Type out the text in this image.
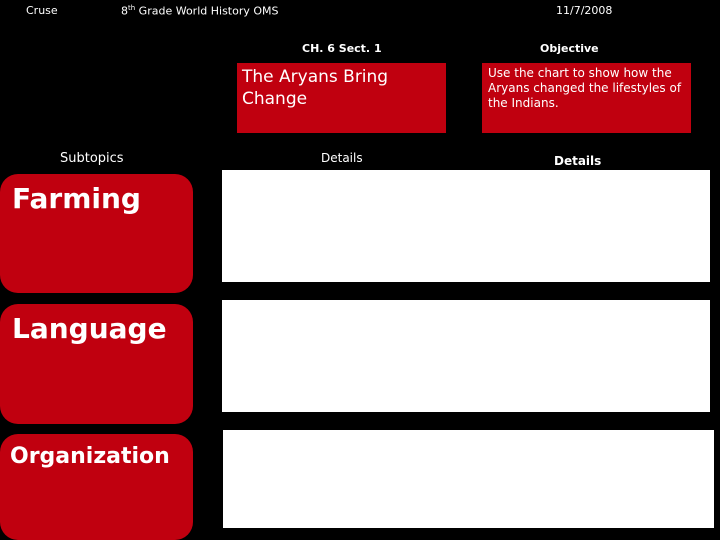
Cruse	8th Grade World History OMS	11/7/2008
CH. 6 Sect. 1	Objective
The Aryans Bring Change
Use the chart to show how the Aryans changed the lifestyles of the Indians.
Subtopics	Details	Details
Farming
Language
Organization
